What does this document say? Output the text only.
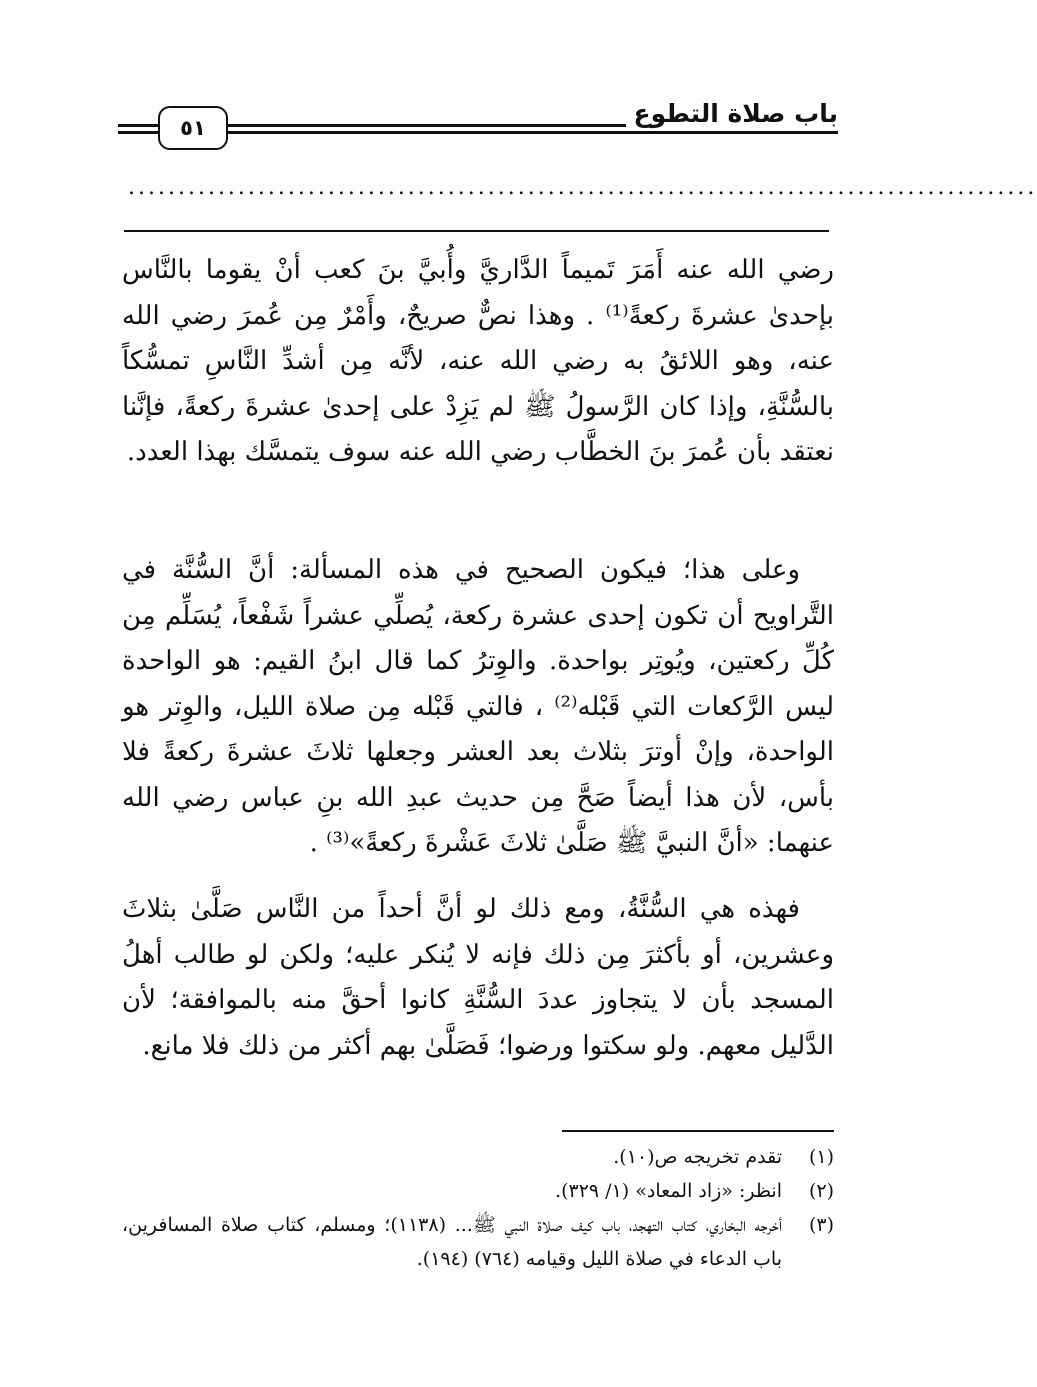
٥١	باب صلاة التطوع
...........................................................................................

رضي الله عنه أَمَرَ تَميماً الدَّاريَّ وأُبيَّ بنَ كعب أنْ يقوما بالنَّاس بإحدىٰ عشرةَ ركعةً⁽¹⁾ . وهذا نصٌّ صريحٌ، وأَمْرٌ مِن عُمرَ رضي الله عنه، وهو اللائقُ به رضي الله عنه، لأنَّه مِن أشدِّ النَّاسِ تمسُّكاً بالسُّنَّةِ، وإذا كان الرَّسولُ ﷺ لم يَزِدْ على إحدىٰ عشرةَ ركعةً، فإنَّنا نعتقد بأن عُمرَ بنَ الخطَّاب رضي الله عنه سوف يتمسَّك بهذا العدد.

وعلى هذا؛ فيكون الصحيح في هذه المسألة: أنَّ السُّنَّة في التَّراويح أن تكون إحدى عشرة ركعة، يُصلِّي عشراً شَفْعاً، يُسَلِّم مِن كُلِّ ركعتين، ويُوتِر بواحدة. والوِترُ كما قال ابنُ القيم: هو الواحدة ليس الرَّكعات التي قَبْله⁽²⁾ ، فالتي قَبْله مِن صلاة الليل، والوِتر هو الواحدة، وإنْ أوترَ بثلاث بعد العشر وجعلها ثلاثَ عشرةَ ركعةً فلا بأس، لأن هذا أيضاً صَحَّ مِن حديث عبدِ الله بنِ عباس رضي الله عنهما: «أنَّ النبيَّ ﷺ صَلَّىٰ ثلاثَ عَشْرةَ ركعةً»⁽³⁾ .

فهذه هي السُّنَّةُ، ومع ذلك لو أنَّ أحداً من النَّاس صَلَّىٰ بثلاثَ وعشرين، أو بأكثرَ مِن ذلك فإنه لا يُنكر عليه؛ ولكن لو طالب أهلُ المسجد بأن لا يتجاوز عددَ السُّنَّةِ كانوا أحقَّ منه بالموافقة؛ لأن الدَّليل معهم. ولو سكتوا ورضوا؛ فَصَلَّىٰ بهم أكثر من ذلك فلا مانع.

(١)
تقدم تخريجه ص(١٠).
(٢)
انظر: «زاد المعاد» (١/ ٣٢٩).
(٣)
أخرجه البخاري، كتاب التهجد، باب كيف صلاة النبي ﷺ... (١١٣٨)؛ ومسلم، كتاب صلاة المسافرين، باب الدعاء في صلاة الليل وقيامه (٧٦٤) (١٩٤).
